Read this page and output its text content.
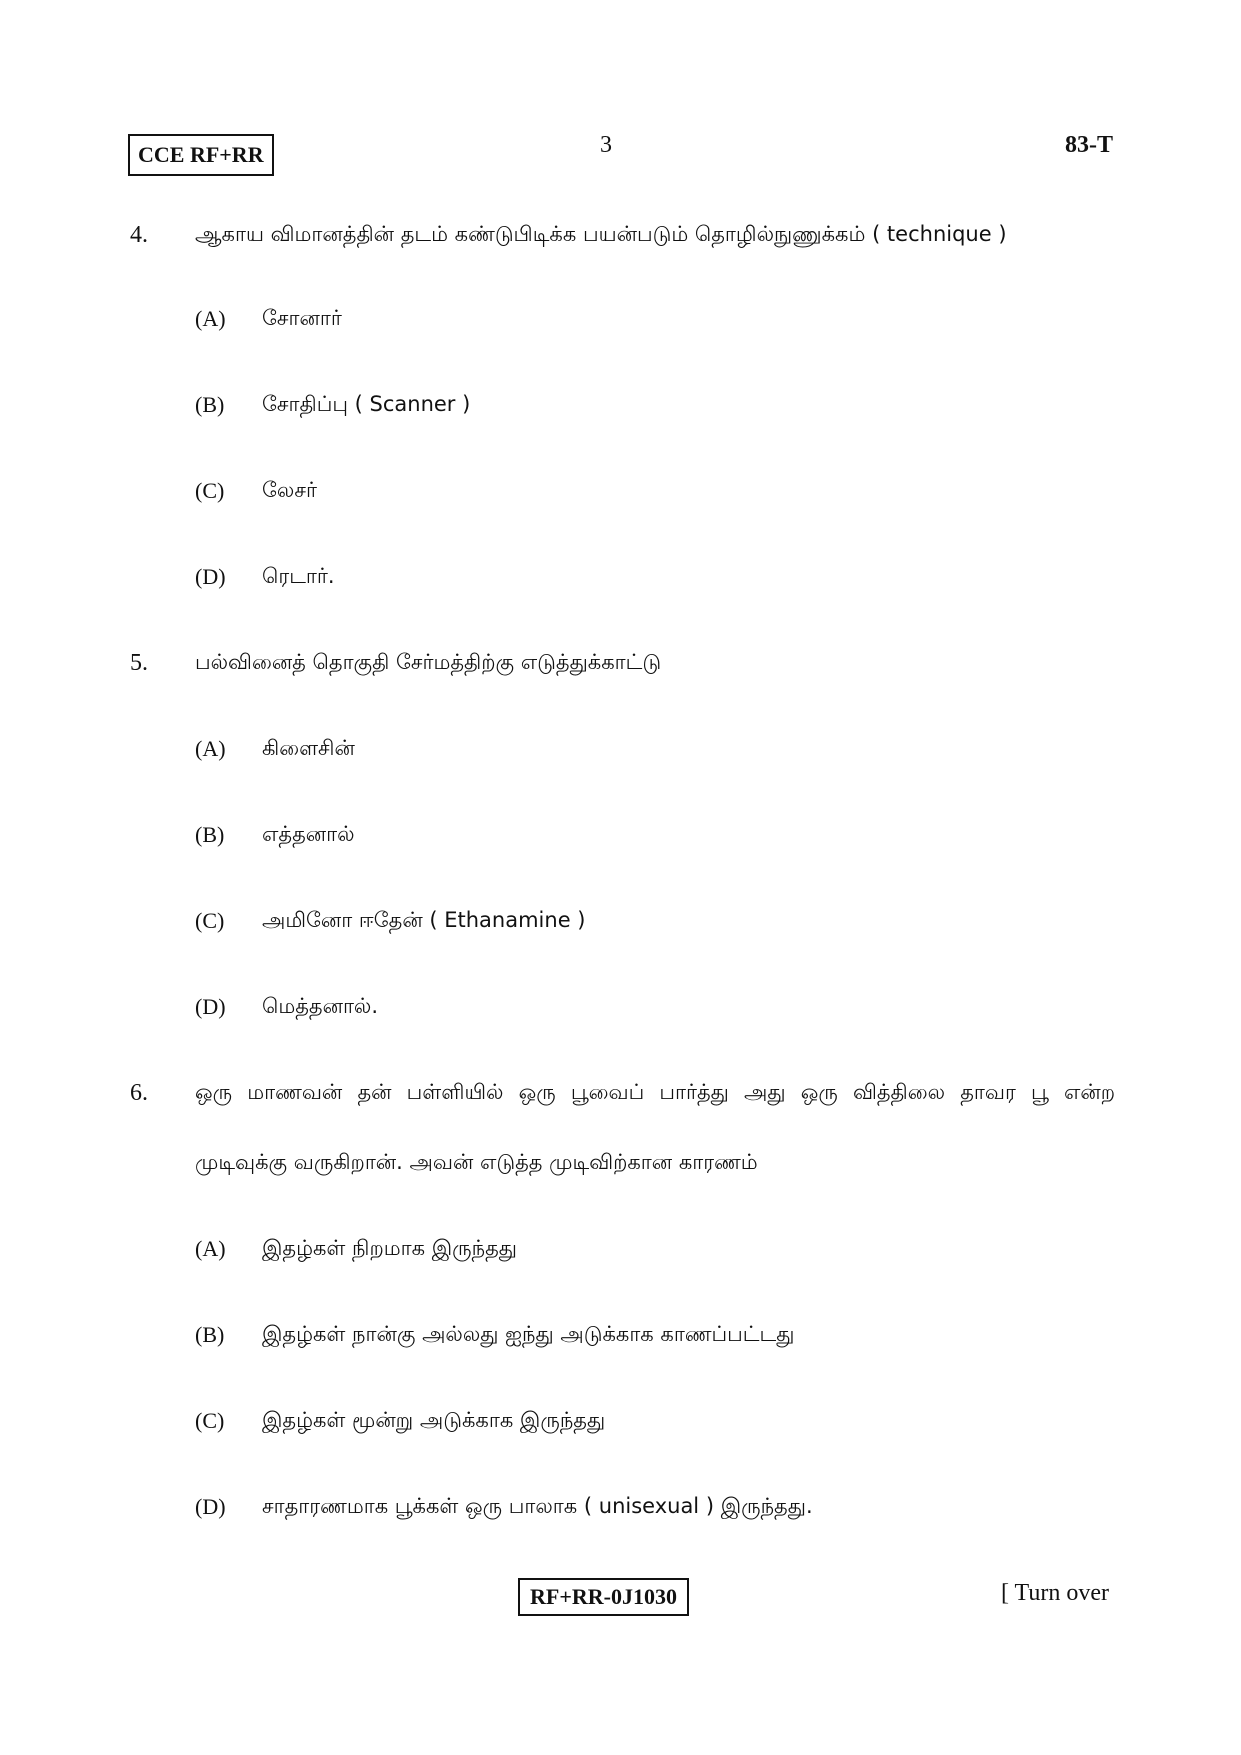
CCE RF+RR	3	83-T
4. ஆகாய விமானத்தின் தடம் கண்டுபிடிக்க பயன்படும் தொழில்நுணுக்கம் ( technique )
(A) சோனார்
(B) சோதிப்பு ( Scanner )
(C) லேசர்
(D) ரெடார்.
5. பல்வினைத் தொகுதி சேர்மத்திற்கு எடுத்துக்காட்டு
(A) கிளைசின்
(B) எத்தனால்
(C) அமினோ ஈதேன் ( Ethanamine )
(D) மெத்தனால்.
6. ஒரு மாணவன் தன் பள்ளியில் ஒரு பூவைப் பார்த்து அது ஒரு வித்திலை தாவர பூ என்ற
முடிவுக்கு வருகிறான். அவன் எடுத்த முடிவிற்கான காரணம்
(A) இதழ்கள் நிறமாக இருந்தது
(B) இதழ்கள் நான்கு அல்லது ஐந்து அடுக்காக காணப்பட்டது
(C) இதழ்கள் மூன்று அடுக்காக இருந்தது
(D) சாதாரணமாக பூக்கள் ஒரு பாலாக ( unisexual ) இருந்தது.
RF+RR-0J1030	[ Turn over
